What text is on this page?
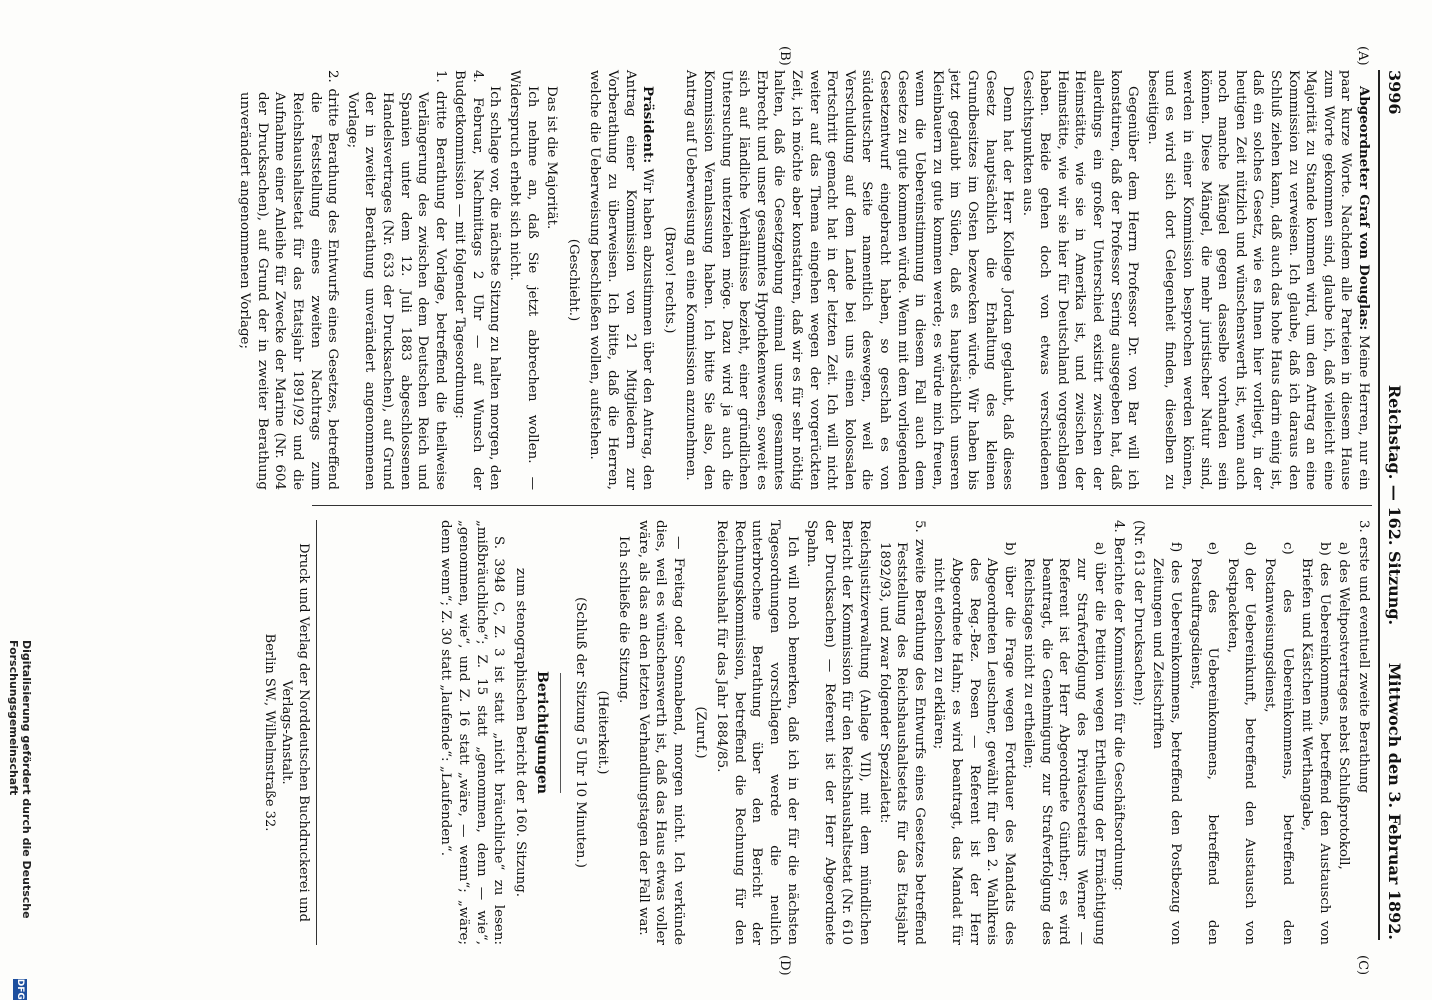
3996
Reichstag. — 162. Sitzung.
Mittwoch den 3. Februar 1892.
(A)
(B)
(C)
(D)

Abgeordneter Graf von Douglas: Meine Herren, nur ein paar kurze Worte. Nachdem alle Parteien in diesem Hause zum Worte gekommen sind, glaube ich, daß vielleicht eine Majorität zu Stande kommen wird, um den Antrag an eine Kommission zu verweisen. Ich glaube, daß ich daraus den Schluß ziehen kann, daß auch das hohe Haus darin einig ist, daß ein solches Gesetz, wie es Ihnen hier vorliegt, in der heutigen Zeit nützlich und wünschenswerth ist, wenn auch noch manche Mängel gegen dasselbe vorhanden sein können. Diese Mängel, die mehr juristischer Natur sind, werden in einer Kommission besprochen werden können, und es wird sich dort Gelegenheit finden, dieselben zu beseitigen.

Gegenüber dem Herrn Professor Dr. von Bar will ich konstatiren, daß der Professor Sering ausgegeben hat, daß allerdings ein großer Unterschied existirt zwischen der Heimstätte, wie sie in Amerika ist, und zwischen der Heimstätte, wie wir sie hier für Deutschland vorgeschlagen haben. Beide gehen doch von etwas verschiedenen Gesichtspunkten aus.

Denn hat der Herr Kollege Jordan geglaubt, daß dieses Gesetz hauptsächlich die Erhaltung des kleinen Grundbesitzes im Osten bezwecken würde. Wir haben bis jetzt geglaubt im Süden, daß es hauptsächlich unseren Kleinbauern zu gute kommen werde; es würde mich freuen, wenn die Uebereinstimmung in diesem Fall auch dem Gesetze zu gute kommen würde. Wenn mit dem vorliegenden Gesetzentwurf eingebracht haben, so geschah es von süddeutscher Seite namentlich deswegen, weil die Verschuldung auf dem Lande bei uns einen kolossalen Fortschritt gemacht hat in der letzten Zeit. Ich will nicht weiter auf das Thema eingehen wegen der vorgerückten Zeit, ich möchte aber konstatiren, daß wir es für sehr nöthig halten, daß die Gesetzgebung einmal unser gesammtes Erbrecht und unser gesammtes Hypothekenwesen, soweit es sich auf ländliche Verhältnisse bezieht, einer gründlichen Untersuchung unterziehen möge. Dazu wird ja auch die Kommission Veranlassung haben. Ich bitte Sie also, den Antrag auf Ueberweisung an eine Kommission anzunehmen.

(Bravo! rechts.)

Präsident: Wir haben abzustimmen über den Antrag, den Antrag einer Kommission von 21 Mitgliedern zur Vorberathung zu überweisen. Ich bitte, daß die Herren, welche die Ueberweisung beschließen wollen, aufstehen.

(Geschieht.)

Das ist die Majorität.

Ich nehme an, daß Sie jetzt abbrechen wollen. — Widerspruch erhebt sich nicht.

Ich schlage vor, die nächste Sitzung zu halten morgen, den 4. Februar, Nachmittags 2 Uhr — auf Wunsch der Budgetkommission — mit folgender Tagesordnung:

1. dritte Berathung der Vorlage, betreffend die theilweise Verlängerung des zwischen dem Deutschen Reich und Spanien unter dem 12. Juli 1883 abgeschlossenen Handelsvertrages (Nr. 633 der Drucksachen), auf Grund der in zweiter Berathung unverändert angenommenen Vorlage;

2. dritte Berathung des Entwurfs eines Gesetzes, betreffend die Feststellung eines zweiten Nachtrags zum Reichshaushaltsetat für das Etatsjahr 1891/92 und die Aufnahme einer Anleihe für Zwecke der Marine (Nr. 604 der Drucksachen), auf Grund der in zweiter Berathung unverändert angenommenen Vorlage;

3. erste und eventuell zweite Berathung

a) des Weltpostvertrages nebst Schlußprotokoll,

b) des Uebereinkommens, betreffend den Austausch von Briefen und Kästchen mit Werthangabe,

c) des Uebereinkommens, betreffend den Postanweisungsdienst,

d) der Uebereinkunft, betreffend den Austausch von Postpacketen,

e) des Uebereinkommens, betreffend den Postauftragsdienst,

f) des Uebereinkommens, betreffend den Postbezug von Zeitungen und Zeitschriften

(Nr. 613 der Drucksachen);

4. Berichte der Kommission für die Geschäftsordnung:

a) über die Petition wegen Ertheilung der Ermächtigung zur Strafverfolgung des Privatsecretairs Werner — Referent ist der Herr Abgeordnete Günther; es wird beantragt, die Genehmigung zur Strafverfolgung des Reichstages nicht zu ertheilen;

b) über die Frage wegen Fortdauer des Mandats des Abgeordneten Leuschner, gewählt für den 2. Wahlkreis des Reg.-Bez. Posen — Referent ist der Herr Abgeordnete Hahn; es wird beantragt, das Mandat für nicht erloschen zu erklären;

5. zweite Berathung des Entwurfs eines Gesetzes betreffend Feststellung des Reichshaushaltsetats für das Etatsjahr 1892/93, und zwar folgender Spezialetat:

Reichsjustizverwaltung (Anlage VII), mit dem mündlichen Bericht der Kommission für den Reichshaushaltsetat (Nr. 610 der Drucksachen) — Referent ist der Herr Abgeordnete Spahn.

Ich will noch bemerken, daß ich in der für die nächsten Tagesordnungen vorschlagen werde die neulich unterbrochene Berathung über den Bericht der Rechnungskommission, betreffend die Rechnung für den Reichshaushalt für das Jahr 1884/85.

(Zuruf.)

— Freitag oder Sonnabend, morgen nicht. Ich verkünde dies, weil es wünschenswerth ist, daß das Haus etwas voller wäre, als das an den letzten Verhandlungstagen der Fall war.

Ich schließe die Sitzung.

(Heiterkeit.)

(Schluß der Sitzung 5 Uhr 10 Minuten.)

Berichtigungen

zum stenographischen Bericht der 160. Sitzung.

S. 3948 C, Z. 3 ist statt „nicht bräuchliche“ zu lesen: „mißbräuchliche“; Z. 15 statt „genommen, denn — wie“, „genommen, wie“, und Z. 16 statt „wäre, — wenn“; „wäre; denn wenn“; Z. 30 statt „laufende“: „Laufenden“.

Druck und Verlag der Norddeutschen Buchdruckerei und Verlags-Anstalt.
Berlin SW., Wilhelmstraße 32.
Digitalisierung gefördert durch die Deutsche Forschungsgemeinschaft
DFG
